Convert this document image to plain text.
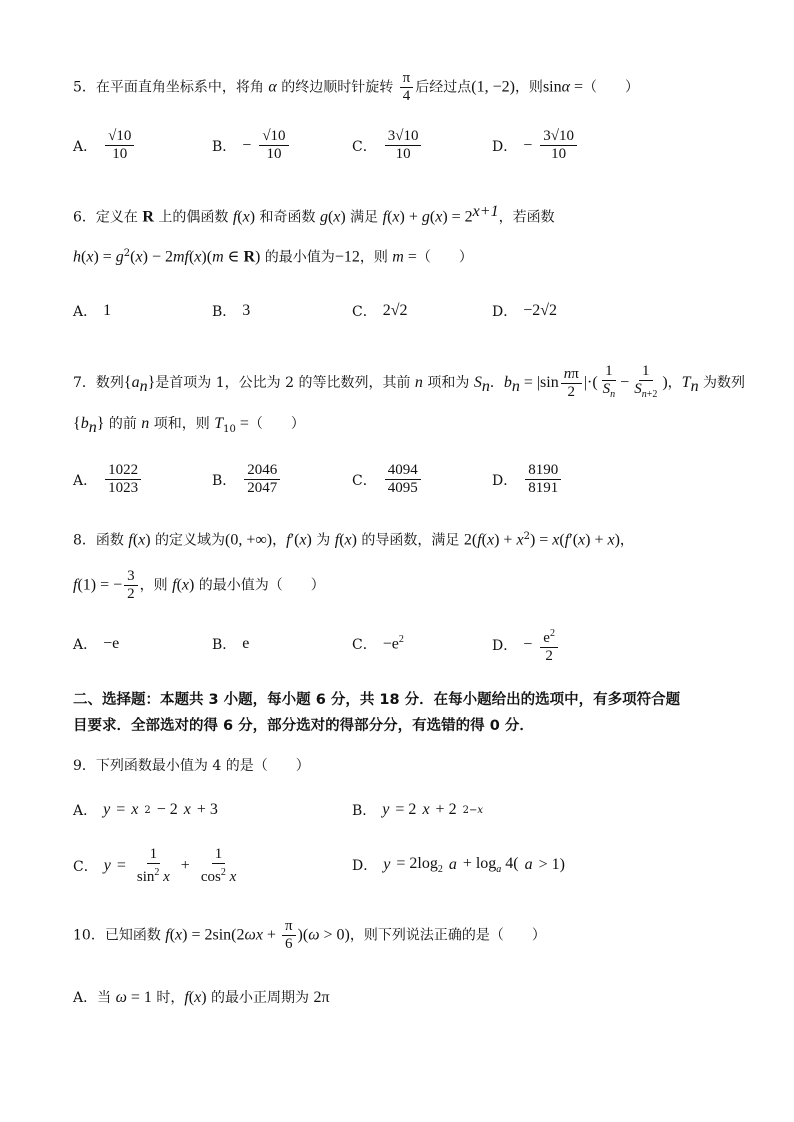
5．在平面直角坐标系中，将角 α 的终边顺时针旋转 $\frac{\pi}{4}$ 后经过点(1, −2)，则sinα =（　　）
A． $\frac{√10}{10}$	B． − $\frac{√10}{10}$	C． $\frac{3√10}{10}$	D． − $\frac{3√10}{10}$
6．定义在 R 上的偶函数 f(x) 和奇函数 g(x) 满足 $f(x) + g(x) = 2^{x+1}$，若函数
$h(x) = g^2(x) - 2mf(x)(m$ ∈ R) 的最小值为−12，则 m =（　　）
A． 1	B． 3	C． 2√2	D． −2√2
7．数列$\{a_n\}$是首项为 1，公比为 2 的等比数列，其前 n 项和为 $S_n$．$b_n = |\sin \frac{n\pi}{2}$ |·( $\frac{1}{S_n} - \frac{1}{S_{n+2}}$ )，$T_n$ 为数列
$\{b_n\}$ 的前 n 项和，则 $T_{10}$ =（　　）
A． $\frac{1022}{1023}$	B． $\frac{2046}{2047}$	C． $\frac{4094}{4095}$	D． $\frac{8190}{8191}$
8．函数 f(x) 的定义域为(0, +∞)，f′(x) 为 f(x) 的导函数，满足 $2(f(x) + x^2) = x(f'(x) + x)$，
f(1) = − $\frac{3}{2}$ ，则 f(x) 的最小值为（　　）
A． −e	B． e	C． $-e^2$	D． − $\frac{e^2}{2}$
二、选择题：本题共 3 小题，每小题 6 分，共 18 分．在每小题给出的选项中，有多项符合题
目要求．全部选对的得 6 分，部分选对的得部分分，有选错的得 0 分．
9．下列函数最小值为 4 的是（　　）
A． y = x 2 − 2 x + 3	B． y = 2 x + 2 2−x
C． $y = \frac{1}{\sin^2 x} + \frac{1}{\cos^2 x}$	D． $y = 2\log_2$ $a + \log_a 4$( a > 1)
10．已知函数 $f(x) = 2\sin(2\omega x + \frac{\pi}{6} )(\omega > 0)$，则下列说法正确的是（　　）
A．当 ω = 1 时，f(x) 的最小正周期为 2π
